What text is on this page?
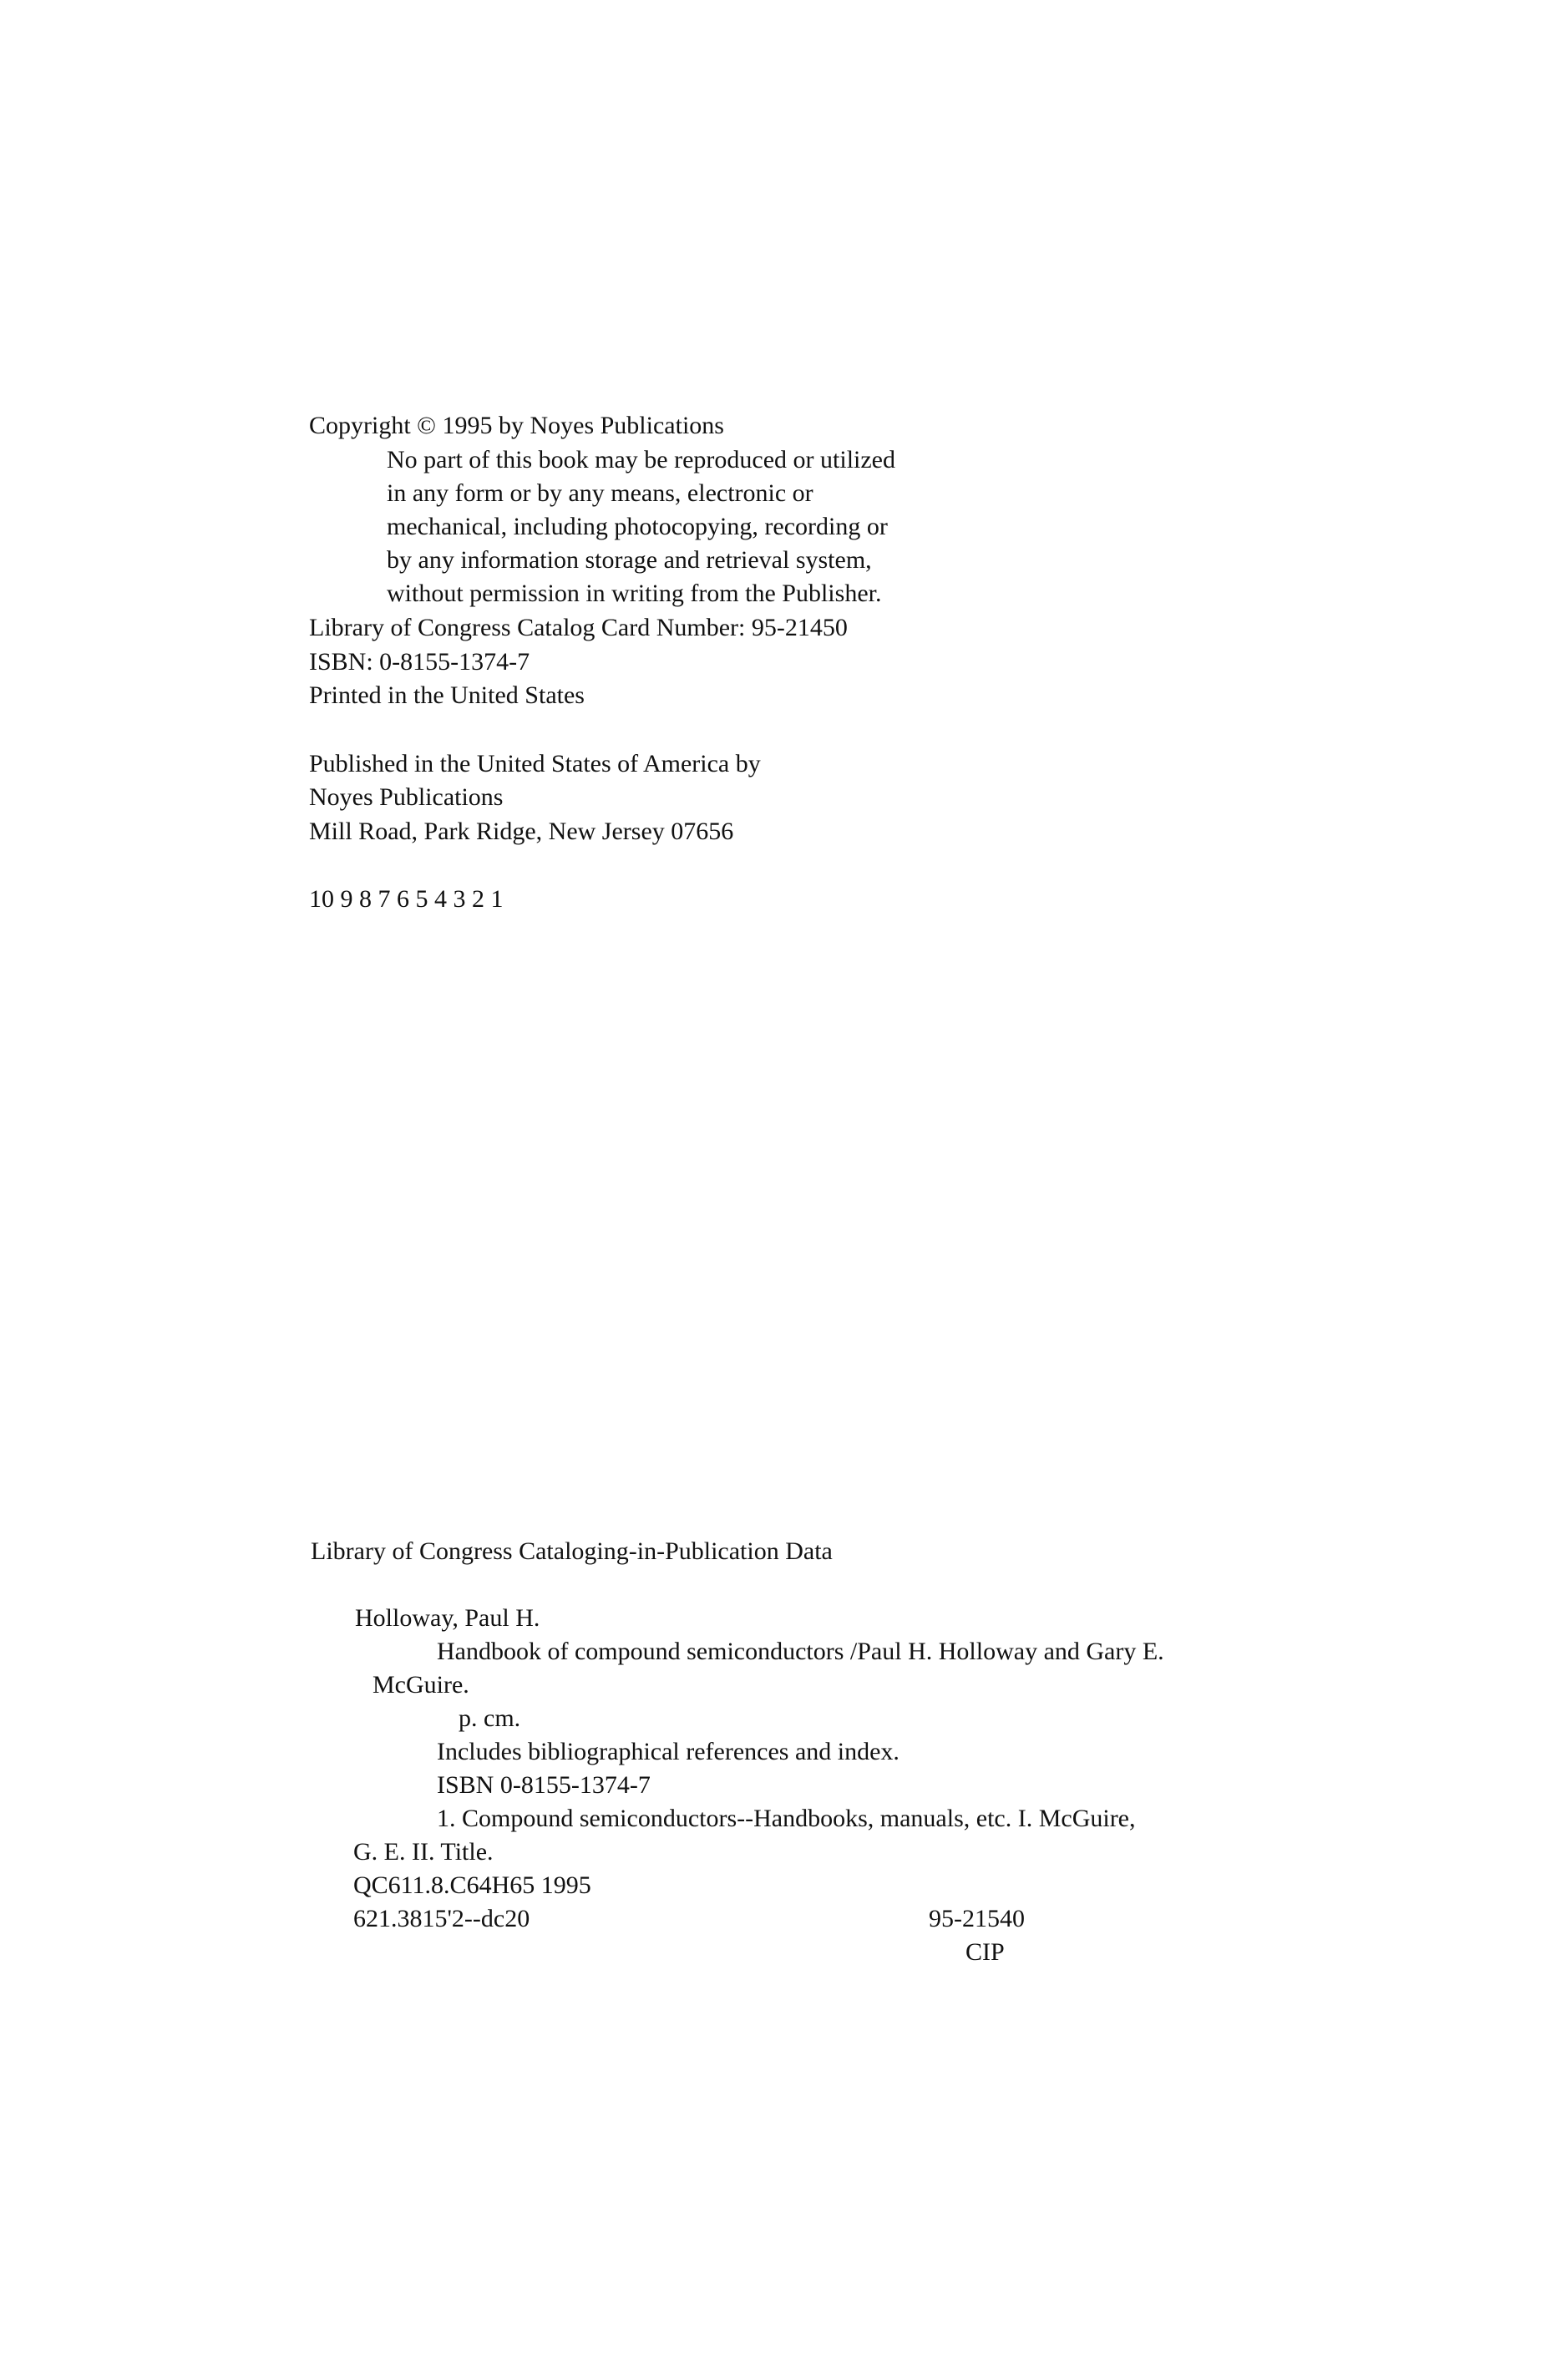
Copyright © 1995 by Noyes Publications
No part of this book may be reproduced or utilized
in any form or by any means, electronic or
mechanical, including photocopying, recording or
by any information storage and retrieval system,
without permission in writing from the Publisher.
Library of Congress Catalog Card Number: 95-21450
ISBN: 0-8155-1374-7
Printed in the United States
Published in the United States of America by
Noyes Publications
Mill Road, Park Ridge, New Jersey 07656
10 9 8 7 6 5 4 3 2 1
Library of Congress Cataloging-in-Publication Data
Holloway, Paul H.
Handbook of compound semiconductors /Paul H. Holloway and Gary E.
McGuire.
p. cm.
Includes bibliographical references and index.
ISBN 0-8155-1374-7
1. Compound semiconductors--Handbooks, manuals, etc. I. McGuire,
G. E. II. Title.
QC611.8.C64H65 1995
621.3815'2--dc20	95-21540
CIP
